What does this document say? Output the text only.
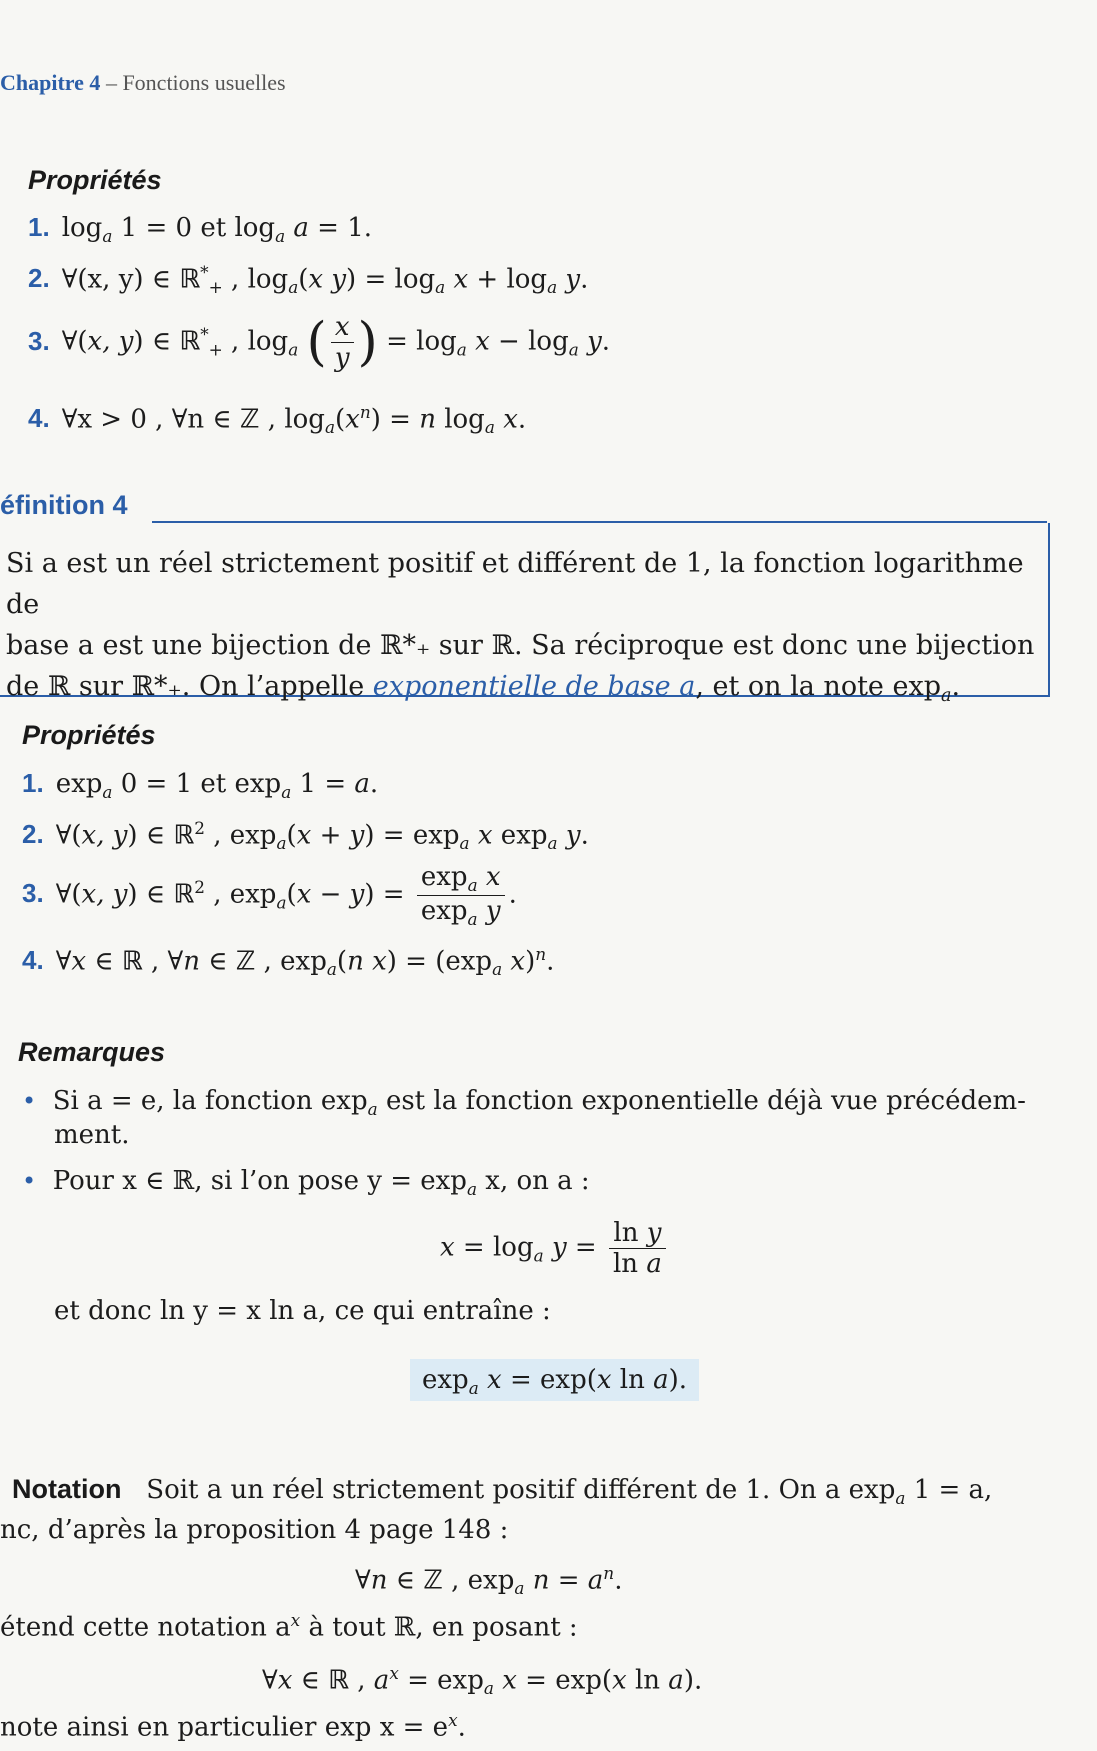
Chapitre 4 – Fonctions usuelles
Propriétés
1. $\log_a 1 = 0$ et $\log_a a = 1$.
2. ∀(x, y) ∈ ℝ*$_+$ , $\log_a(x$ $y) = \log_a x + \log_a y$.
3. ∀(x, y) ∈ ℝ*$_+$ , $\log_a$ ( $\frac{x}{y}$ ) = $\log_a x - \log_a y$.
4. ∀x > 0 , ∀n ∈ ℤ , $\log_a(x^n) = n$ $\log_a x$.
éfinition 4
Si a est un réel strictement positif et différent de 1, la fonction logarithme de
base a est une bijection de ℝ*₊ sur ℝ. Sa réciproque est donc une bijection
de ℝ sur ℝ*₊. On l’appelle exponentielle de base a, et on la note $\exp_a$.
Propriétés
1. $\exp_a 0 = 1$ et $\exp_a 1 = a$.
2. ∀(x, y) ∈ ℝ$^2$ , $\exp_a(x + y) = \exp_a x$ $\exp_a y$.
3. ∀(x, y) ∈ ℝ$^2$ , $\exp_a(x - y) = \frac{\exp_a x}{\exp_a y}$ .
4. ∀x ∈ ℝ , ∀n ∈ ℤ , $\exp_a(n$ $x) = (\exp_a$ x)$^n$.
Remarques
• Si a = e, la fonction $\exp_a$ est la fonction exponentielle déjà vue précédem-
ment.
• Pour x ∈ ℝ, si l’on pose $y = \exp_a x$, on a :
$x = \log_a y = \frac{\text{ln y}}{\text{ln a}}$
et donc ln y = x ln a, ce qui entraîne :
$\exp_a x = \exp(x$ ln a).
Notation Soit a un réel strictement positif différent de 1. On a $\exp_a 1 = a$,
nc, d’après la proposition 4 page 148 :
∀n ∈ ℤ , $\exp_a n = a^n$.
étend cette notation $a^x$ à tout ℝ, en posant :
∀x ∈ ℝ , $a^x = \exp_a x = \exp(x$ ln a).
note ainsi en particulier $\exp x = e^x$.
